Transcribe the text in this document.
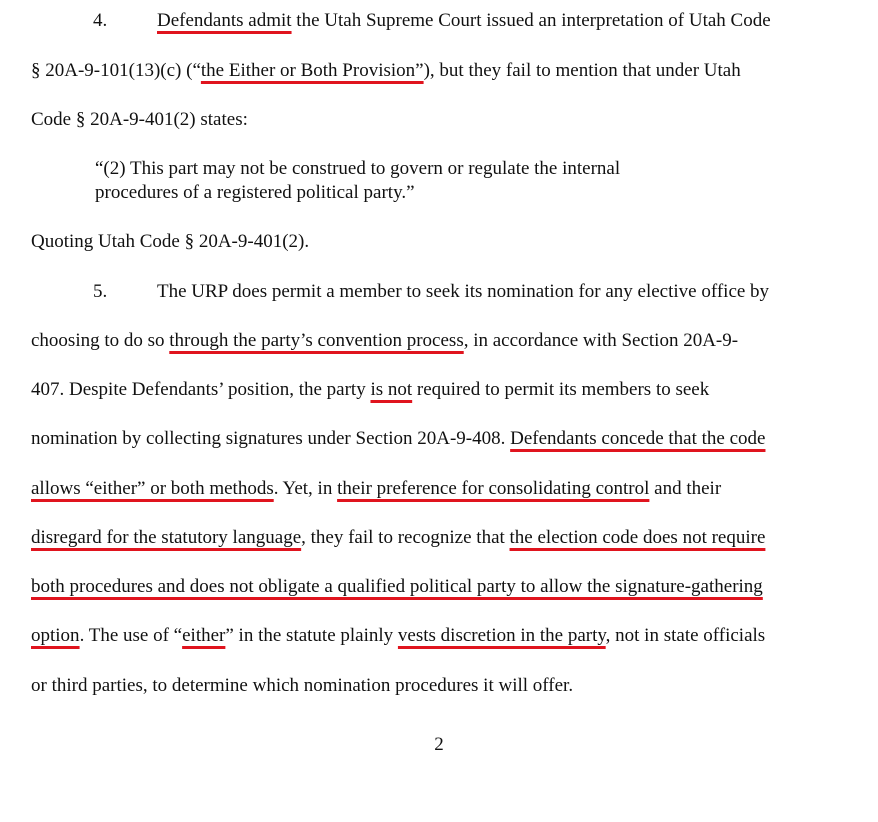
4.	Defendants admit the Utah Supreme Court issued an interpretation of Utah Code
§ 20A-9-101(13)(c) (“the Either or Both Provision”), but they fail to mention that under Utah
Code § 20A-9-401(2) states:
“(2) This part may not be construed to govern or regulate the internal
procedures of a registered political party.”
Quoting Utah Code § 20A-9-401(2).
5.	The URP does permit a member to seek its nomination for any elective office by
choosing to do so through the party’s convention process, in accordance with Section 20A-9-
407. Despite Defendants’ position, the party is not required to permit its members to seek
nomination by collecting signatures under Section 20A-9-408. Defendants concede that the code
allows “either” or both methods. Yet, in their preference for consolidating control and their
disregard for the statutory language, they fail to recognize that the election code does not require
both procedures and does not obligate a qualified political party to allow the signature-gathering
option. The use of “either” in the statute plainly vests discretion in the party, not in state officials
or third parties, to determine which nomination procedures it will offer.
2
